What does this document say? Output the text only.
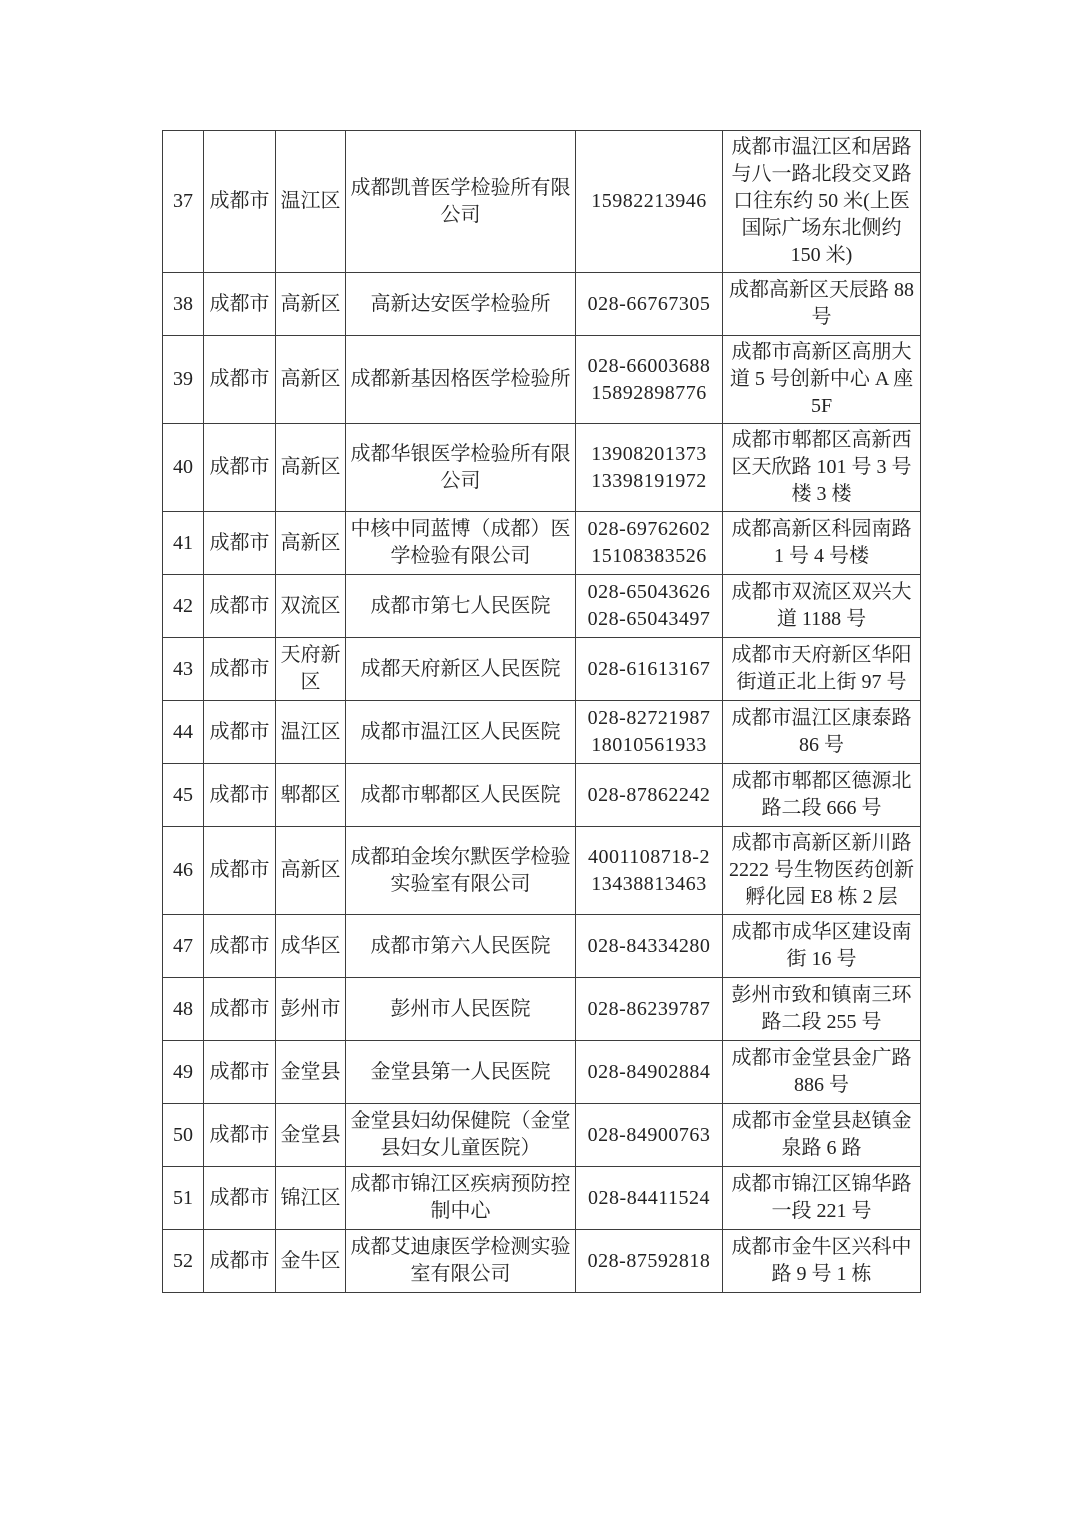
37	成都市	温江区	成都凯普医学检验所有限公司	15982213946	成都市温江区和居路与八一路北段交叉路口往东约 50 米(上医国际广场东北侧约 150 米)
38	成都市	高新区	高新达安医学检验所	028-66767305	成都高新区天辰路 88 号
39	成都市	高新区	成都新基因格医学检验所	028-66003688
15892898776	成都市高新区高朋大道 5 号创新中心 A 座 5F
40	成都市	高新区	成都华银医学检验所有限公司	13908201373
13398191972	成都市郫都区高新西区天欣路 101 号 3 号楼 3 楼
41	成都市	高新区	中核中同蓝博（成都）医学检验有限公司	028-69762602
15108383526	成都高新区科园南路 1 号 4 号楼
42	成都市	双流区	成都市第七人民医院	028-65043626
028-65043497	成都市双流区双兴大道 1188 号
43	成都市	天府新区	成都天府新区人民医院	028-61613167	成都市天府新区华阳街道正北上街 97 号
44	成都市	温江区	成都市温江区人民医院	028-82721987
18010561933	成都市温江区康泰路 86 号
45	成都市	郫都区	成都市郫都区人民医院	028-87862242	成都市郫都区德源北路二段 666 号
46	成都市	高新区	成都珀金埃尔默医学检验实验室有限公司	4001108718-2
13438813463	成都市高新区新川路 2222 号生物医药创新孵化园 E8 栋 2 层
47	成都市	成华区	成都市第六人民医院	028-84334280	成都市成华区建设南街 16 号
48	成都市	彭州市	彭州市人民医院	028-86239787	彭州市致和镇南三环路二段 255 号
49	成都市	金堂县	金堂县第一人民医院	028-84902884	成都市金堂县金广路 886 号
50	成都市	金堂县	金堂县妇幼保健院（金堂县妇女儿童医院）	028-84900763	成都市金堂县赵镇金泉路 6 路
51	成都市	锦江区	成都市锦江区疾病预防控制中心	028-84411524	成都市锦江区锦华路一段 221 号
52	成都市	金牛区	成都艾迪康医学检测实验室有限公司	028-87592818	成都市金牛区兴科中路 9 号 1 栋
